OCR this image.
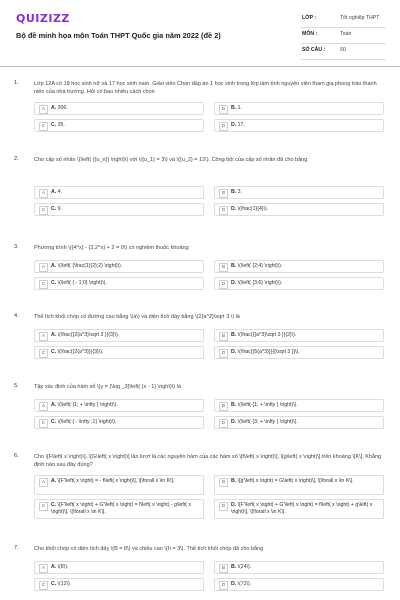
QUIZIZZ
Bộ đề minh họa môn Toán THPT Quốc gia năm 2022 (đề 2)
LỚP :	Tốt nghiệp THPT
MÔN :	Toán
SỐ CÂU :	50
1.	Lớp 12A có 18 học sinh nữ và 17 học sinh nam. Giáo viên Chọn đáp án 1 học sinh trong lớp làm tình nguyện viên tham gia phong trào thanh niên của nhà trường. Hỏi có bao nhiêu cách chọn
A	A. 306.	B	B. 1.
C	C. 35.	D	D. 17.
2.	Cho cấp số nhân \(\left( {{u_n}} \right)\) với \({u_1} = 3\) và \({u_2} = 12\). Công bội của cấp số nhân đã cho bằng
A	A. 4.	B	B. 3.
C	C. 9.	D	D. \(\frac{1}{4}\).
3.	Phương trình \({4^x} - {3.2^x} + 2 = 0\) có nghiệm thuộc khoảng
A	A. \(\left( {\frac{1}{2};2} \right)\).	B	B. \(\left( {2;4} \right)\).
C	C. \(\left( { - 1;0} \right)\).	D	D. \(\left( {3;6} \right)\).
4.	Thể tích khối chóp có đường cao bằng \(a\) và diện tích đáy bằng \(2{a^2}\sqrt 3 \) là
A	A. \(\frac{{2{a^3}\sqrt 3 }}{3}\).	B	B. \(\frac{{{a^3}\sqrt 3 }}{2}\).
C	C. \(\frac{{2{a^3}}}{3}\).	D	D. \(\frac{{5{a^3}}}{{\sqrt 3 }}\).
5.	Tập xác định của hàm số \(y = {\log _3}\left( {x - 1} \right)\) là
A	A. \(\left( {1; + \infty } \right)\).	B	B. \(\left( {1; + \infty } \right)\).
C	C. \(\left( { - \infty ;1} \right)\).	D	D. \(\left( {3; + \infty } \right)\).
6.	Cho \[F\left( x \right)\], \[G\left( x \right)\] lần lượt là các nguyên hàm của các hàm số \[f\left( x \right)\], \[g\left( x \right)\] trên khoảng \[K\]. Khẳng định nào sau đây đúng?
A	A. \[F'\left( x \right) = - f\left( x \right)\], \[\forall x \in K\].	B	B. \[g'\left( x \right) = G\left( x \right)\], \[\forall x \in K\].
C	C. \[F'\left( x \right) + G'\left( x \right) = f\left( x \right) - g\left( x \right)\], \[\forall x \in K\].
D	D. \[F'\left( x \right) + G'\left( x \right) = f\left( x \right) + g\left( x \right)\], \[\forall x \in K\].
7.	Cho khối chóp có diện tích đáy \(B = 8\) và chiều cao \(h = 3\). Thể tích khối chóp đã cho bằng
A	A. \(8\).	B	B. \(24\).
C	C. \(12\).	D	D. \(72\).
